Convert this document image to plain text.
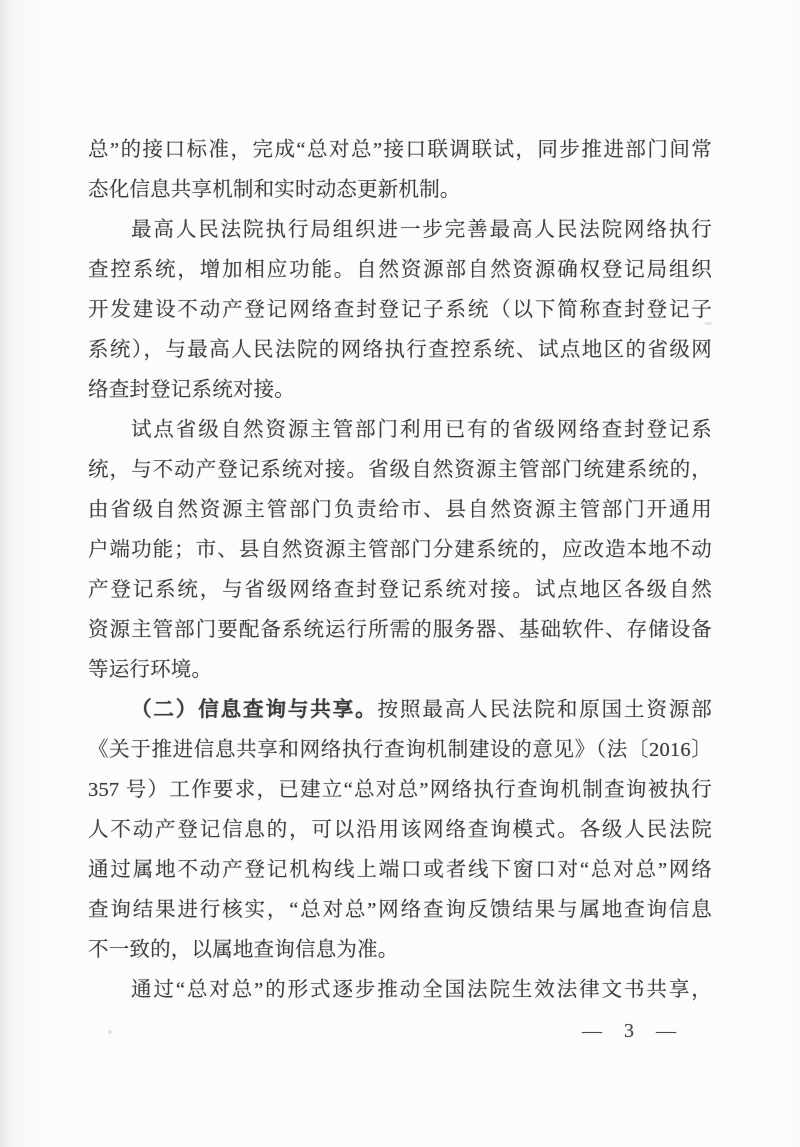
总”的接口标准，完成“总对总”接口联调联试，同步推进部门间常
态化信息共享机制和实时动态更新机制。
最高人民法院执行局组织进一步完善最高人民法院网络执行
查控系统，增加相应功能。自然资源部自然资源确权登记局组织
开发建设不动产登记网络查封登记子系统（以下简称查封登记子
系统），与最高人民法院的网络执行查控系统、试点地区的省级网
络查封登记系统对接。
试点省级自然资源主管部门利用已有的省级网络查封登记系
统，与不动产登记系统对接。省级自然资源主管部门统建系统的，
由省级自然资源主管部门负责给市、县自然资源主管部门开通用
户端功能；市、县自然资源主管部门分建系统的，应改造本地不动
产登记系统，与省级网络查封登记系统对接。试点地区各级自然
资源主管部门要配备系统运行所需的服务器、基础软件、存储设备
等运行环境。
（二）信息查询与共享。按照最高人民法院和原国土资源部
《关于推进信息共享和网络执行查询机制建设的意见》（法〔2016〕
357 号）工作要求，已建立“总对总”网络执行查询机制查询被执行
人不动产登记信息的，可以沿用该网络查询模式。各级人民法院
通过属地不动产登记机构线上端口或者线下窗口对“总对总”网络
查询结果进行核实，“总对总”网络查询反馈结果与属地查询信息
不一致的，以属地查询信息为准。
通过“总对总”的形式逐步推动全国法院生效法律文书共享，
—  3  —
